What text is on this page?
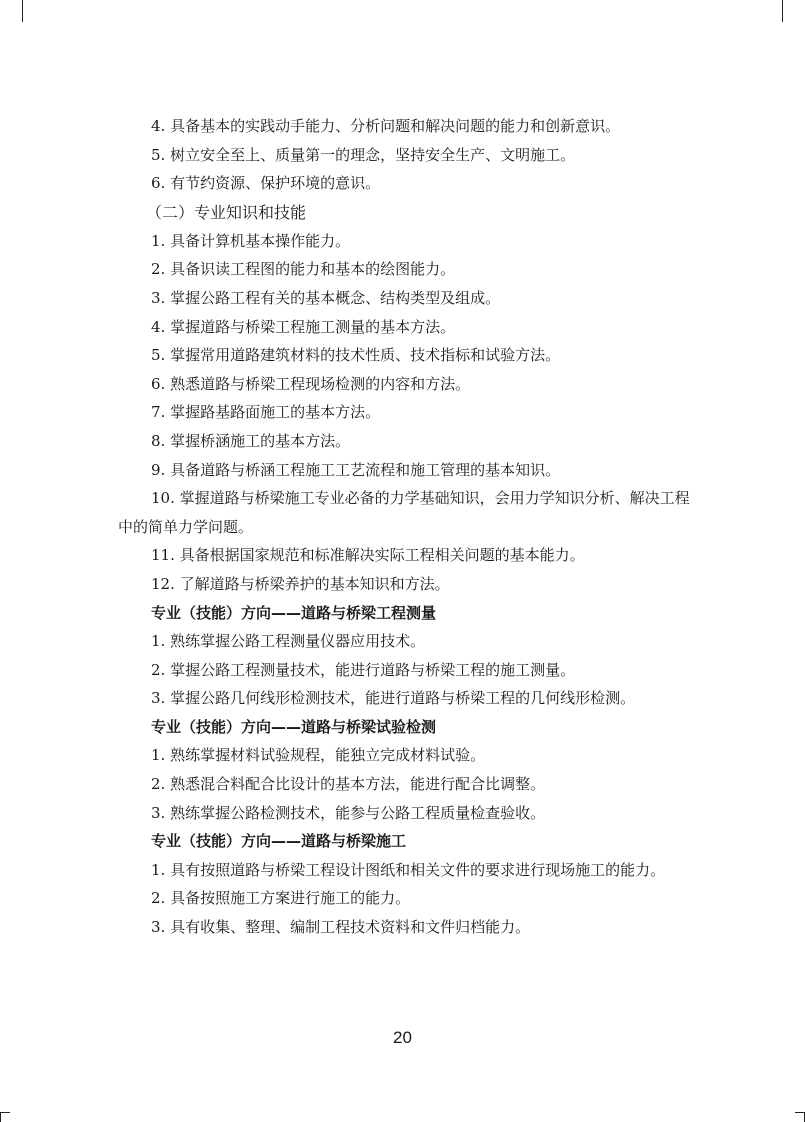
4. 具备基本的实践动手能力、分析问题和解决问题的能力和创新意识。

5. 树立安全至上、质量第一的理念，坚持安全生产、文明施工。

6. 有节约资源、保护环境的意识。

（二）专业知识和技能

1. 具备计算机基本操作能力。

2. 具备识读工程图的能力和基本的绘图能力。

3. 掌握公路工程有关的基本概念、结构类型及组成。

4. 掌握道路与桥梁工程施工测量的基本方法。

5. 掌握常用道路建筑材料的技术性质、技术指标和试验方法。

6. 熟悉道路与桥梁工程现场检测的内容和方法。

7. 掌握路基路面施工的基本方法。

8. 掌握桥涵施工的基本方法。

9. 具备道路与桥涵工程施工工艺流程和施工管理的基本知识。

10. 掌握道路与桥梁施工专业必备的力学基础知识，会用力学知识分析、解决工程中的简单力学问题。

11. 具备根据国家规范和标准解决实际工程相关问题的基本能力。

12. 了解道路与桥梁养护的基本知识和方法。

专业（技能）方向——道路与桥梁工程测量

1. 熟练掌握公路工程测量仪器应用技术。

2. 掌握公路工程测量技术，能进行道路与桥梁工程的施工测量。

3. 掌握公路几何线形检测技术，能进行道路与桥梁工程的几何线形检测。

专业（技能）方向——道路与桥梁试验检测

1. 熟练掌握材料试验规程，能独立完成材料试验。

2. 熟悉混合料配合比设计的基本方法，能进行配合比调整。

3. 熟练掌握公路检测技术，能参与公路工程质量检查验收。

专业（技能）方向——道路与桥梁施工

1. 具有按照道路与桥梁工程设计图纸和相关文件的要求进行现场施工的能力。

2. 具备按照施工方案进行施工的能力。

3. 具有收集、整理、编制工程技术资料和文件归档能力。

20
